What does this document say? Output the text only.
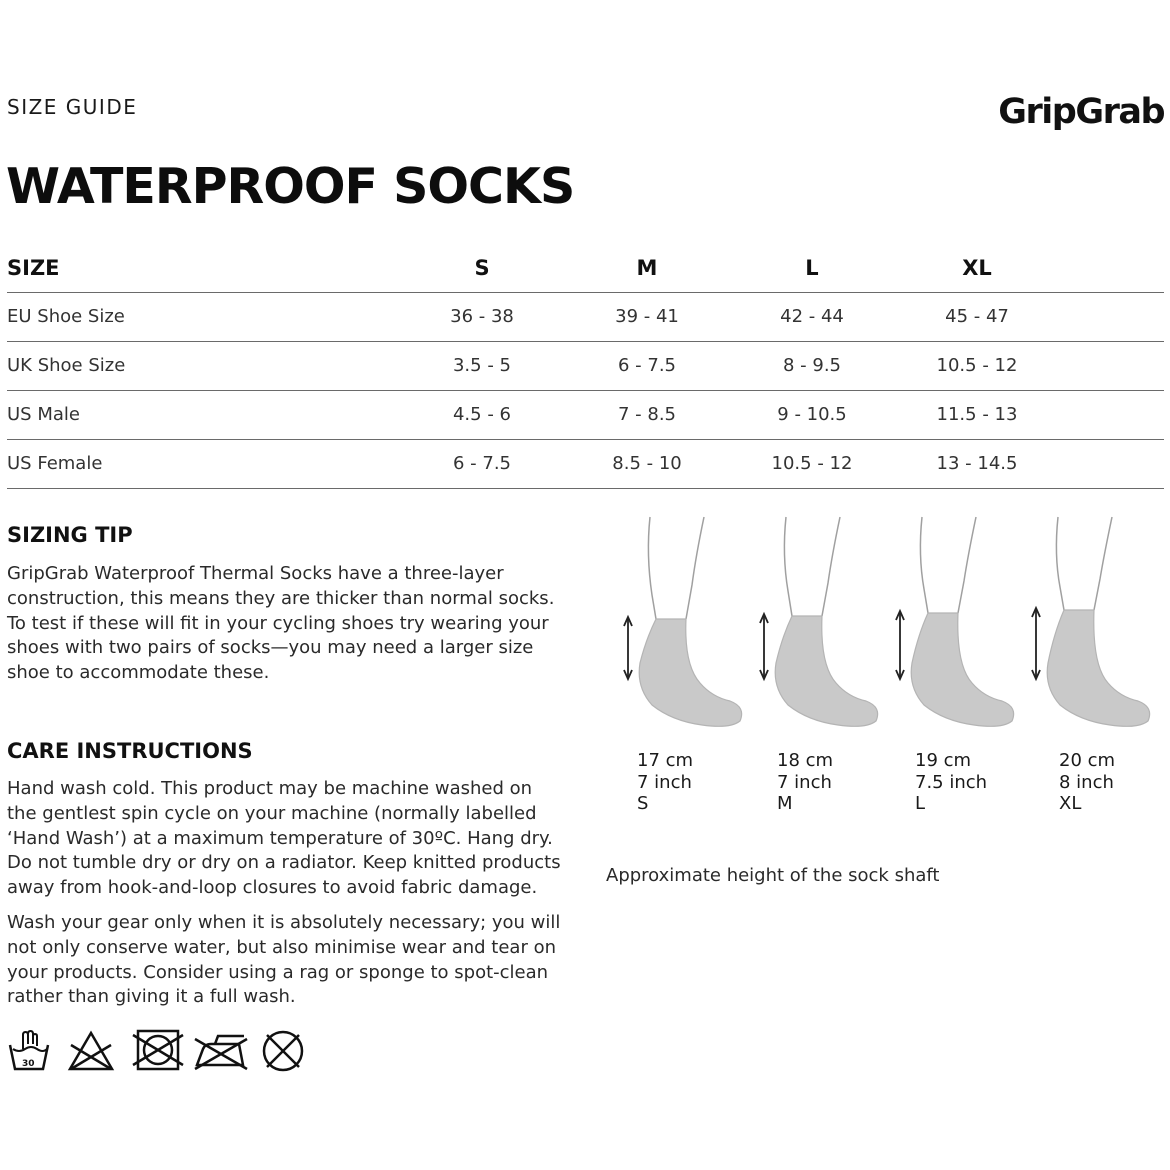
SIZE GUIDE	GripGrab
WATERPROOF SOCKS
SIZE	S	M	L	XL
EU Shoe Size	36 - 38	39 - 41	42 - 44	45 - 47
UK Shoe Size	3.5 - 5	6 - 7.5	8 - 9.5	10.5 - 12
US Male	4.5 - 6	7 - 8.5	9 - 10.5	11.5 - 13
US Female	6 - 7.5	8.5 - 10	10.5 - 12	13 - 14.5
SIZING TIP
GripGrab Waterproof Thermal Socks have a three-layer
construction, this means they are thicker than normal socks.
To test if these will fit in your cycling shoes try wearing your
shoes with two pairs of socks—you may need a larger size
shoe to accommodate these.
CARE INSTRUCTIONS
Hand wash cold. This product may be machine washed on
the gentlest spin cycle on your machine (normally labelled
‘Hand Wash’) at a maximum temperature of 30ºC. Hang dry.
Do not tumble dry or dry on a radiator. Keep knitted products
away from hook-and-loop closures to avoid fabric damage.
Wash your gear only when it is absolutely necessary; you will
not only conserve water, but also minimise wear and tear on
your products. Consider using a rag or sponge to spot-clean
rather than giving it a full wash.
30
17 cm
7 inch
S
18 cm
7 inch
M
19 cm
7.5 inch
L
20 cm
8 inch
XL
Approximate height of the sock shaft
